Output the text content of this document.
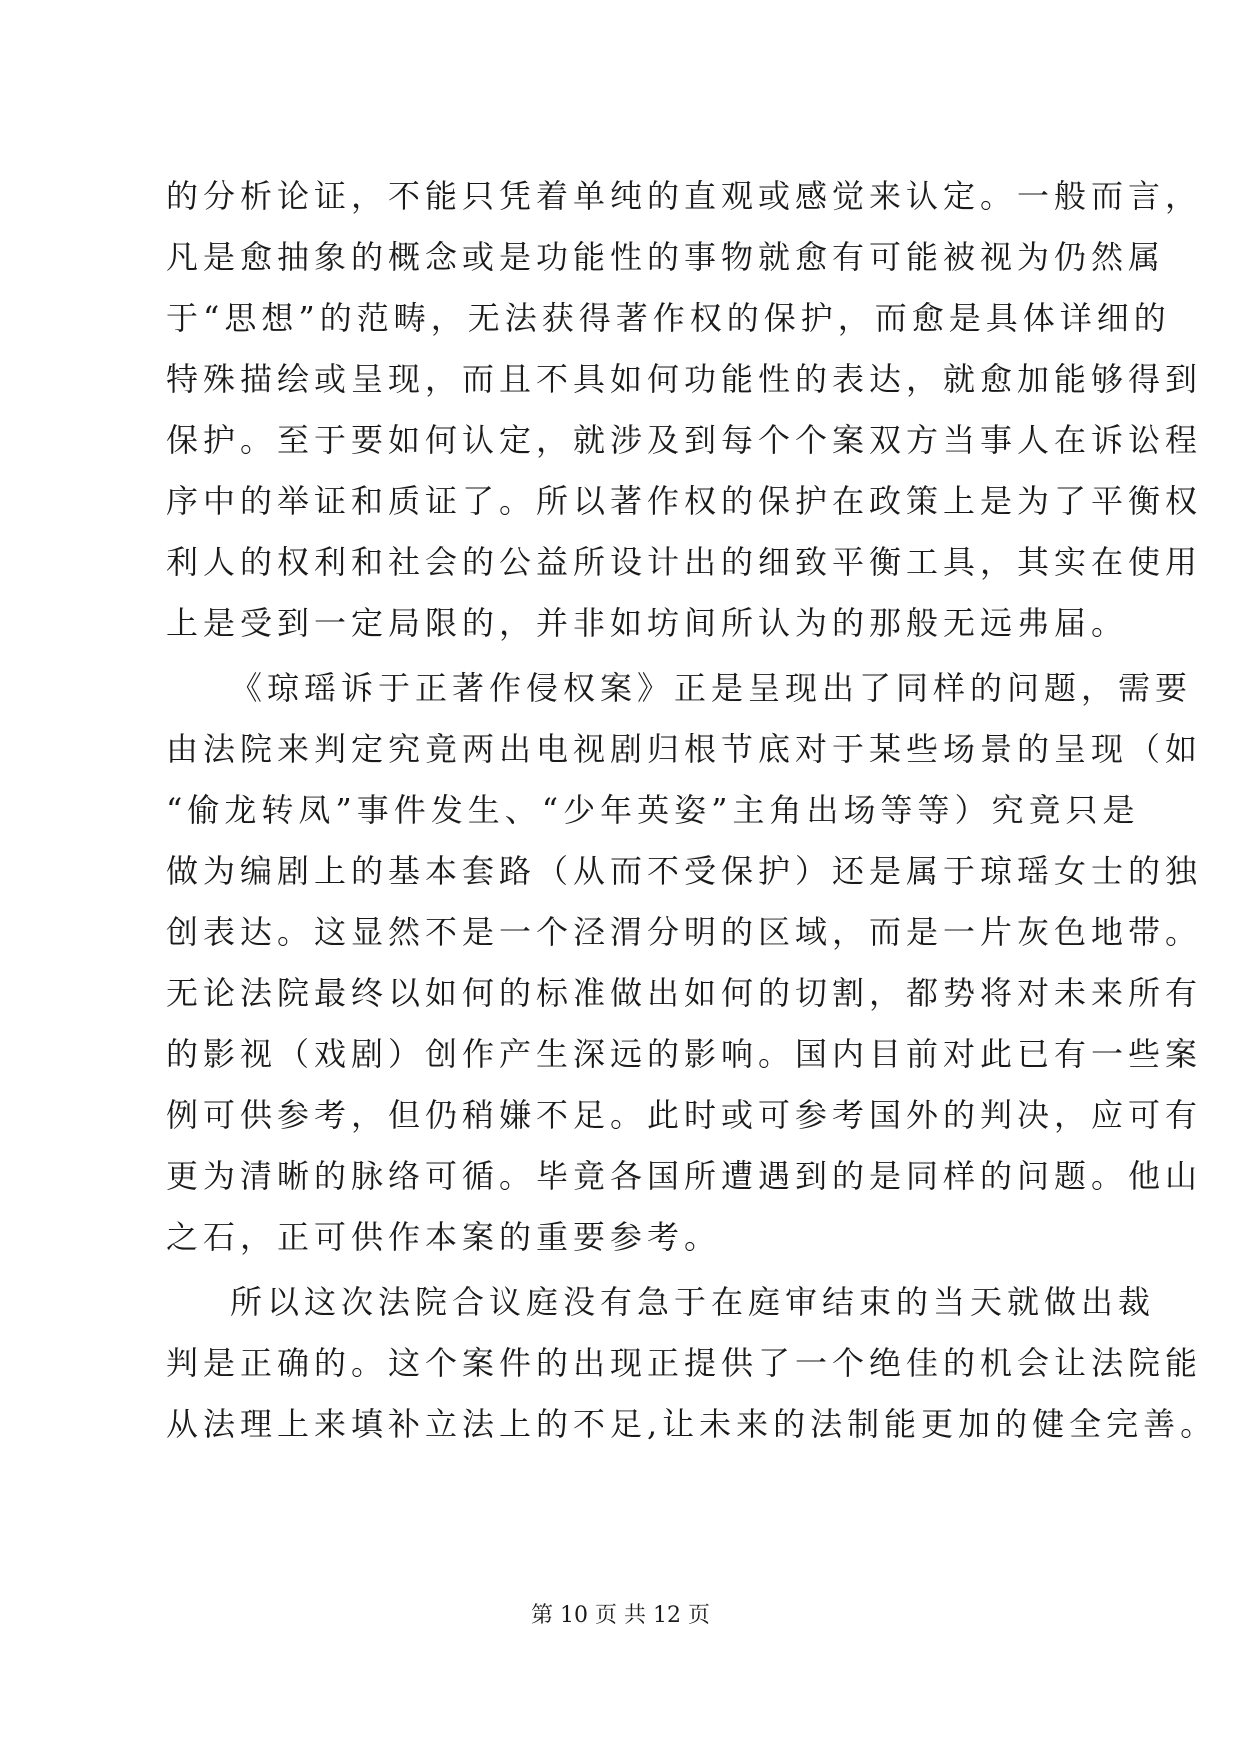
的分析论证，不能只凭着单纯的直观或感觉来认定。一般而言，
凡是愈抽象的概念或是功能性的事物就愈有可能被视为仍然属
于“思想”的范畴，无法获得著作权的保护，而愈是具体详细的
特殊描绘或呈现，而且不具如何功能性的表达，就愈加能够得到
保护。至于要如何认定，就涉及到每个个案双方当事人在诉讼程
序中的举证和质证了。所以著作权的保护在政策上是为了平衡权
利人的权利和社会的公益所设计出的细致平衡工具，其实在使用
上是受到一定局限的，并非如坊间所认为的那般无远弗届。
《琼瑶诉于正著作侵权案》正是呈现出了同样的问题，需要
由法院来判定究竟两出电视剧归根节底对于某些场景的呈现（如
“偷龙转凤”事件发生、“少年英姿”主角出场等等）究竟只是
做为编剧上的基本套路（从而不受保护）还是属于琼瑶女士的独
创表达。这显然不是一个泾渭分明的区域，而是一片灰色地带。
无论法院最终以如何的标准做出如何的切割，都势将对未来所有
的影视（戏剧）创作产生深远的影响。国内目前对此已有一些案
例可供参考，但仍稍嫌不足。此时或可参考国外的判决，应可有
更为清晰的脉络可循。毕竟各国所遭遇到的是同样的问题。他山
之石，正可供作本案的重要参考。
所以这次法院合议庭没有急于在庭审结束的当天就做出裁
判是正确的。这个案件的出现正提供了一个绝佳的机会让法院能
从法理上来填补立法上的不足,让未来的法制能更加的健全完善。
第 10 页 共 12 页
